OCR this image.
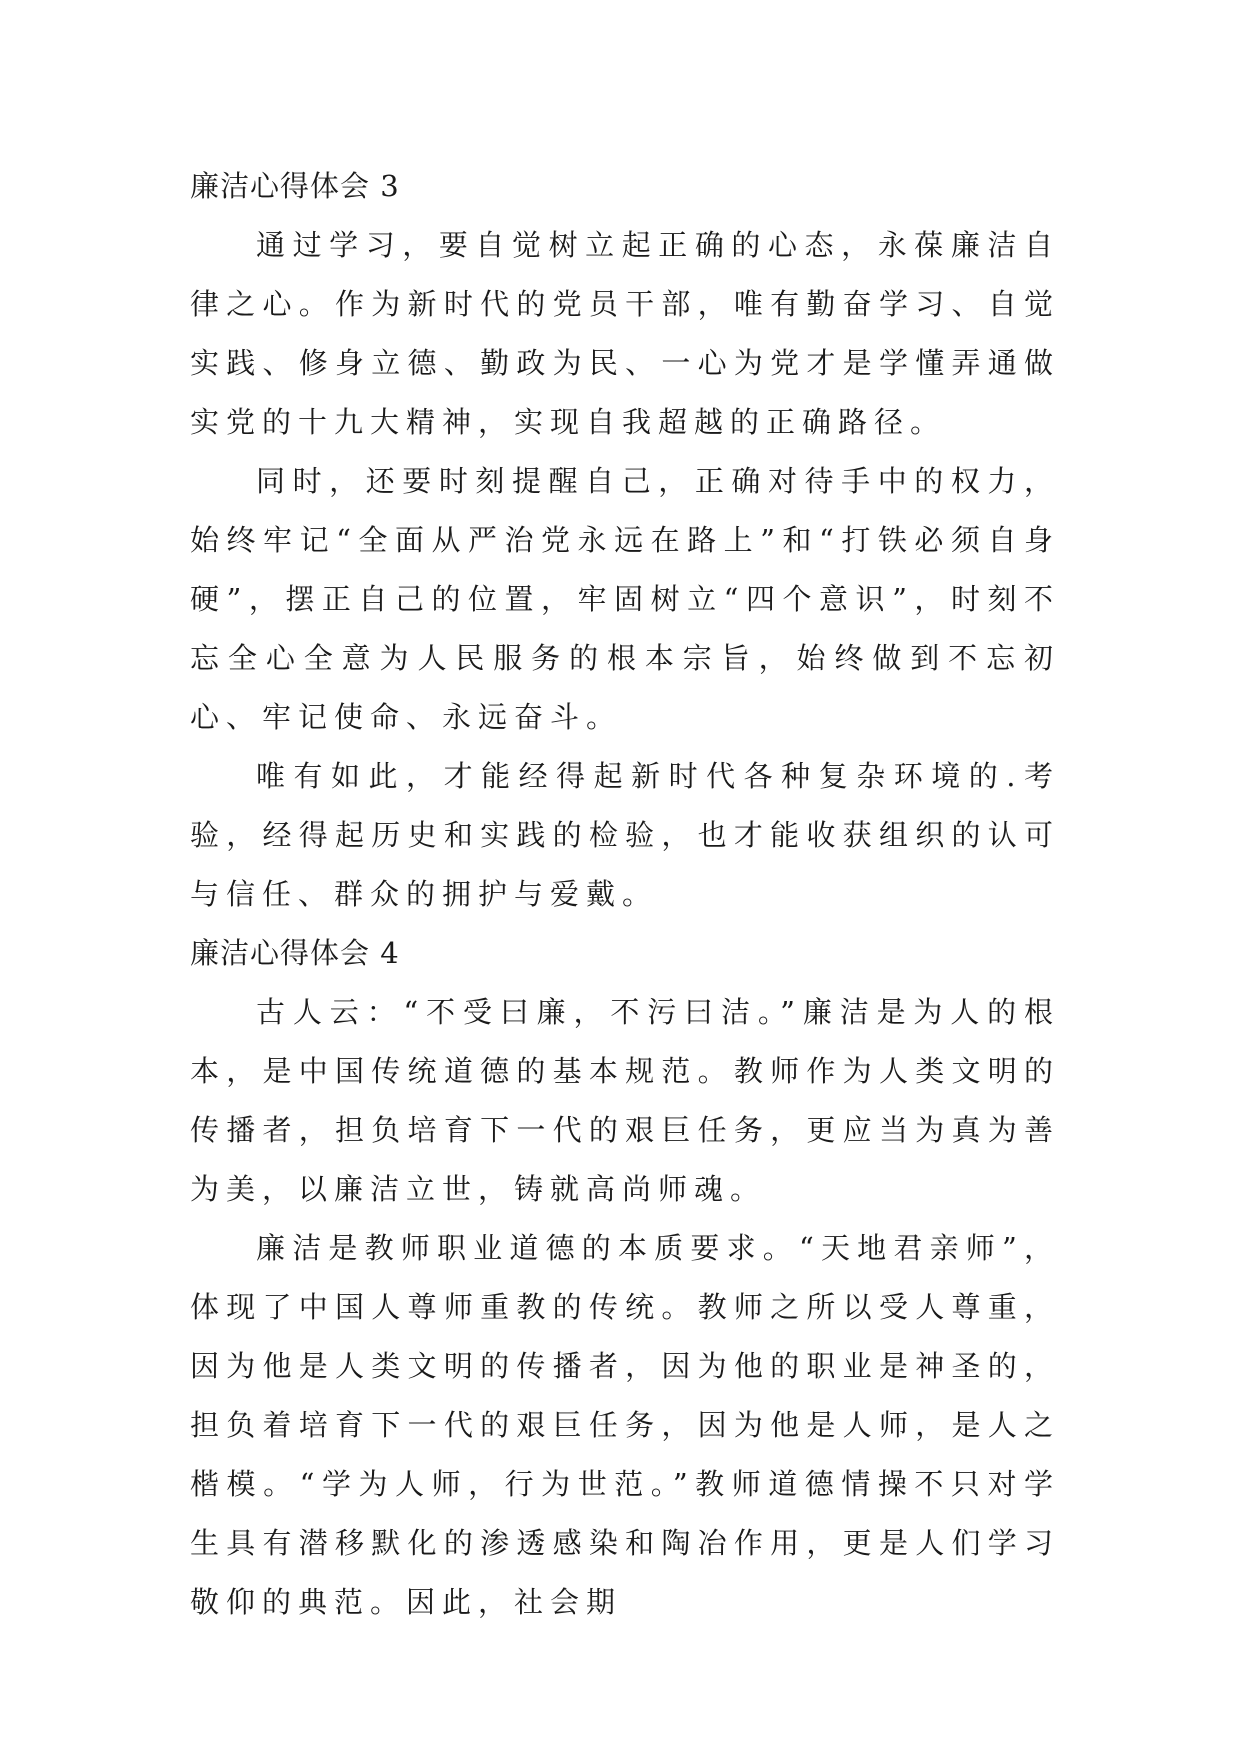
廉洁心得体会 3

通过学习，要自觉树立起正确的心态，永葆廉洁自律之心。作为新时代的党员干部，唯有勤奋学习、自觉实践、修身立德、勤政为民、一心为党才是学懂弄通做实党的十九大精神，实现自我超越的正确路径。

同时，还要时刻提醒自己，正确对待手中的权力，始终牢记“全面从严治党永远在路上”和“打铁必须自身硬”，摆正自己的位置，牢固树立“四个意识”，时刻不忘全心全意为人民服务的根本宗旨，始终做到不忘初心、牢记使命、永远奋斗。

唯有如此，才能经得起新时代各种复杂环境的.考验，经得起历史和实践的检验，也才能收获组织的认可与信任、群众的拥护与爱戴。

廉洁心得体会 4

古人云：“不受曰廉，不污曰洁。”廉洁是为人的根本，是中国传统道德的基本规范。教师作为人类文明的传播者，担负培育下一代的艰巨任务，更应当为真为善为美，以廉洁立世，铸就高尚师魂。

廉洁是教师职业道德的本质要求。“天地君亲师”，体现了中国人尊师重教的传统。教师之所以受人尊重，因为他是人类文明的传播者，因为他的职业是神圣的，担负着培育下一代的艰巨任务，因为他是人师，是人之楷模。“学为人师，行为世范。”教师道德情操不只对学生具有潜移默化的渗透感染和陶冶作用，更是人们学习敬仰的典范。因此，社会期
